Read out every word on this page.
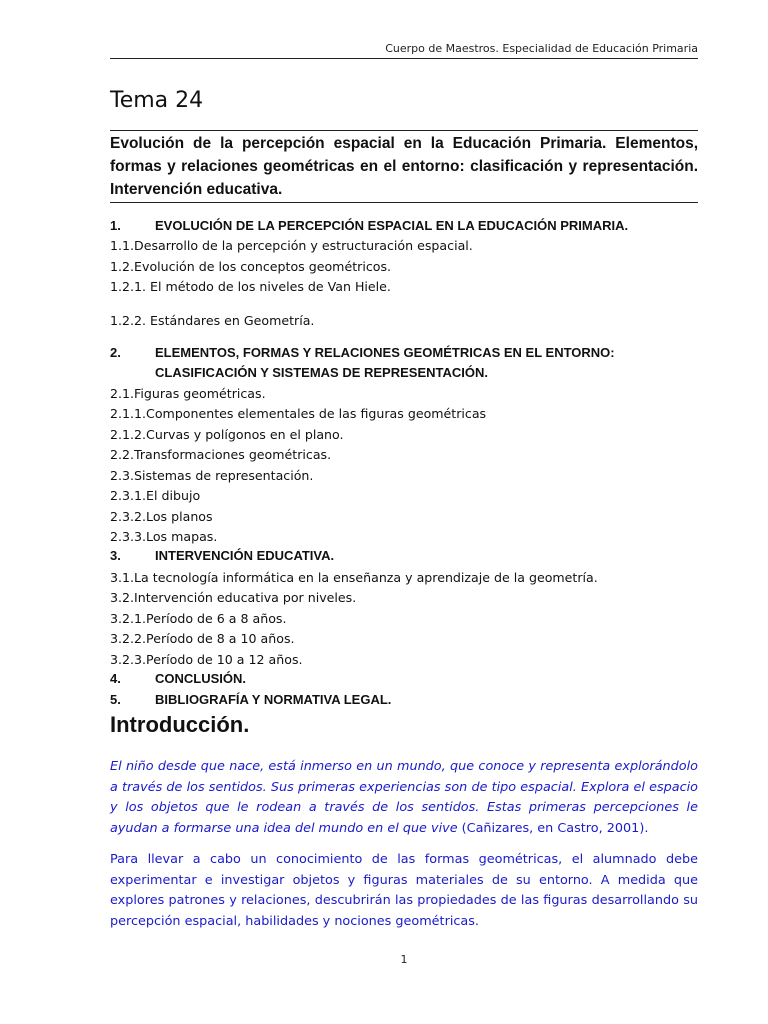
Cuerpo de Maestros. Especialidad de Educación Primaria
Tema 24
Evolución de la percepción espacial en la Educación Primaria. Elementos, formas y relaciones geométricas en el entorno: clasificación y representación. Intervención educativa.
1.	EVOLUCIÓN DE LA PERCEPCIÓN ESPACIAL EN LA EDUCACIÓN PRIMARIA.
1.1.Desarrollo de la percepción y estructuración espacial.
1.2.Evolución de los conceptos geométricos.
1.2.1. El método de los niveles de Van Hiele.
1.2.2. Estándares en Geometría.
2.	ELEMENTOS, FORMAS Y RELACIONES GEOMÉTRICAS EN EL ENTORNO:
CLASIFICACIÓN Y SISTEMAS DE REPRESENTACIÓN.
2.1.Figuras geométricas.
2.1.1.Componentes elementales de las figuras geométricas
2.1.2.Curvas y polígonos en el plano.
2.2.Transformaciones geométricas.
2.3.Sistemas de representación.
2.3.1.El dibujo
2.3.2.Los planos
2.3.3.Los mapas.
3.	INTERVENCIÓN EDUCATIVA.
3.1.La tecnología informática en la enseñanza y aprendizaje de la geometría.
3.2.Intervención educativa por niveles.
3.2.1.Período de 6 a 8 años.
3.2.2.Período de 8 a 10 años.
3.2.3.Período de 10 a 12 años.
4.	CONCLUSIÓN.
5.	BIBLIOGRAFÍA Y NORMATIVA LEGAL.
Introducción.
El niño desde que nace, está inmerso en un mundo, que conoce y representa explorándolo a través de los sentidos. Sus primeras experiencias son de tipo espacial. Explora el espacio y los objetos que le rodean a través de los sentidos. Estas primeras percepciones le ayudan a formarse una idea del mundo en el que vive (Cañizares, en Castro, 2001).
Para llevar a cabo un conocimiento de las formas geométricas, el alumnado debe experimentar e investigar objetos y figuras materiales de su entorno. A medida que explores patrones y relaciones, descubrirán las propiedades de las figuras desarrollando su percepción espacial, habilidades y nociones geométricas.
1
